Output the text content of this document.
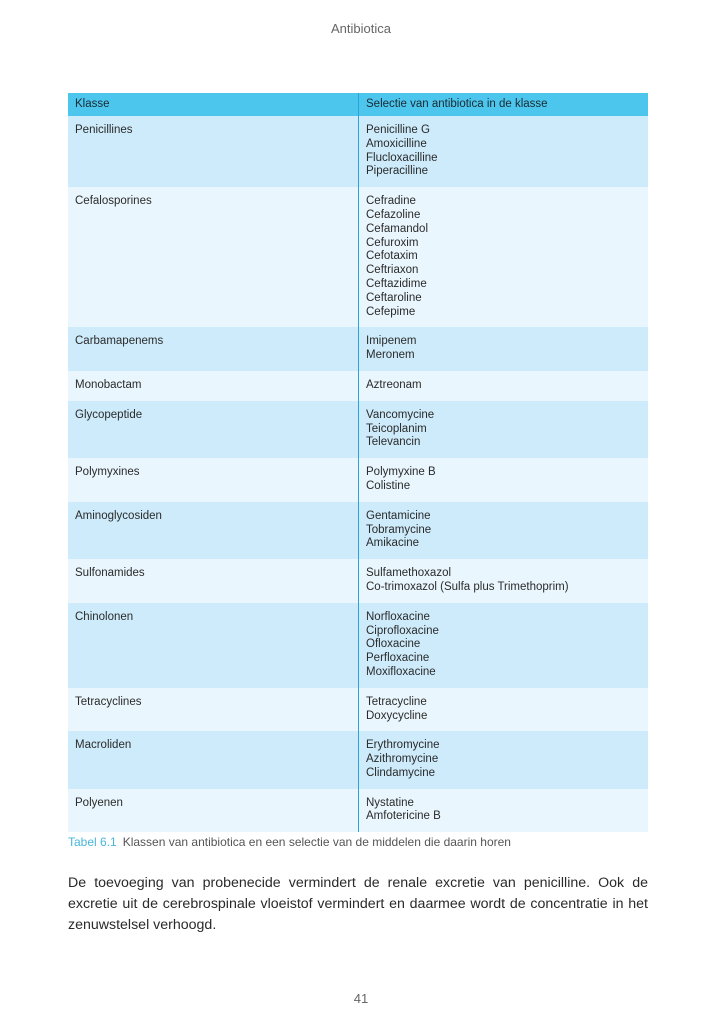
Antibiotica
Klasse	Selectie van antibiotica in de klasse
Penicillines	Penicilline G
Amoxicilline
Flucloxacilline
Piperacilline
Cefalosporines	Cefradine
Cefazoline
Cefamandol
Cefuroxim
Cefotaxim
Ceftriaxon
Ceftazidime
Ceftaroline
Cefepime
Carbamapenems	Imipenem
Meronem
Monobactam	Aztreonam
Glycopeptide	Vancomycine
Teicoplanim
Televancin
Polymyxines	Polymyxine B
Colistine
Aminoglycosiden	Gentamicine
Tobramycine
Amikacine
Sulfonamides	Sulfamethoxazol
Co-trimoxazol (Sulfa plus Trimethoprim)
Chinolonen	Norfloxacine
Ciprofloxacine
Ofloxacine
Perfloxacine
Moxifloxacine
Tetracyclines	Tetracycline
Doxycycline
Macroliden	Erythromycine
Azithromycine
Clindamycine
Polyenen	Nystatine
Amfotericine B
Tabel 6.1 Klassen van antibiotica en een selectie van de middelen die daarin horen
De toevoeging van probenecide vermindert de renale excretie van penicilline. Ook de excretie uit de cerebrospinale vloeistof vermindert en daarmee wordt de concentratie in het zenuwstelsel verhoogd.
41
